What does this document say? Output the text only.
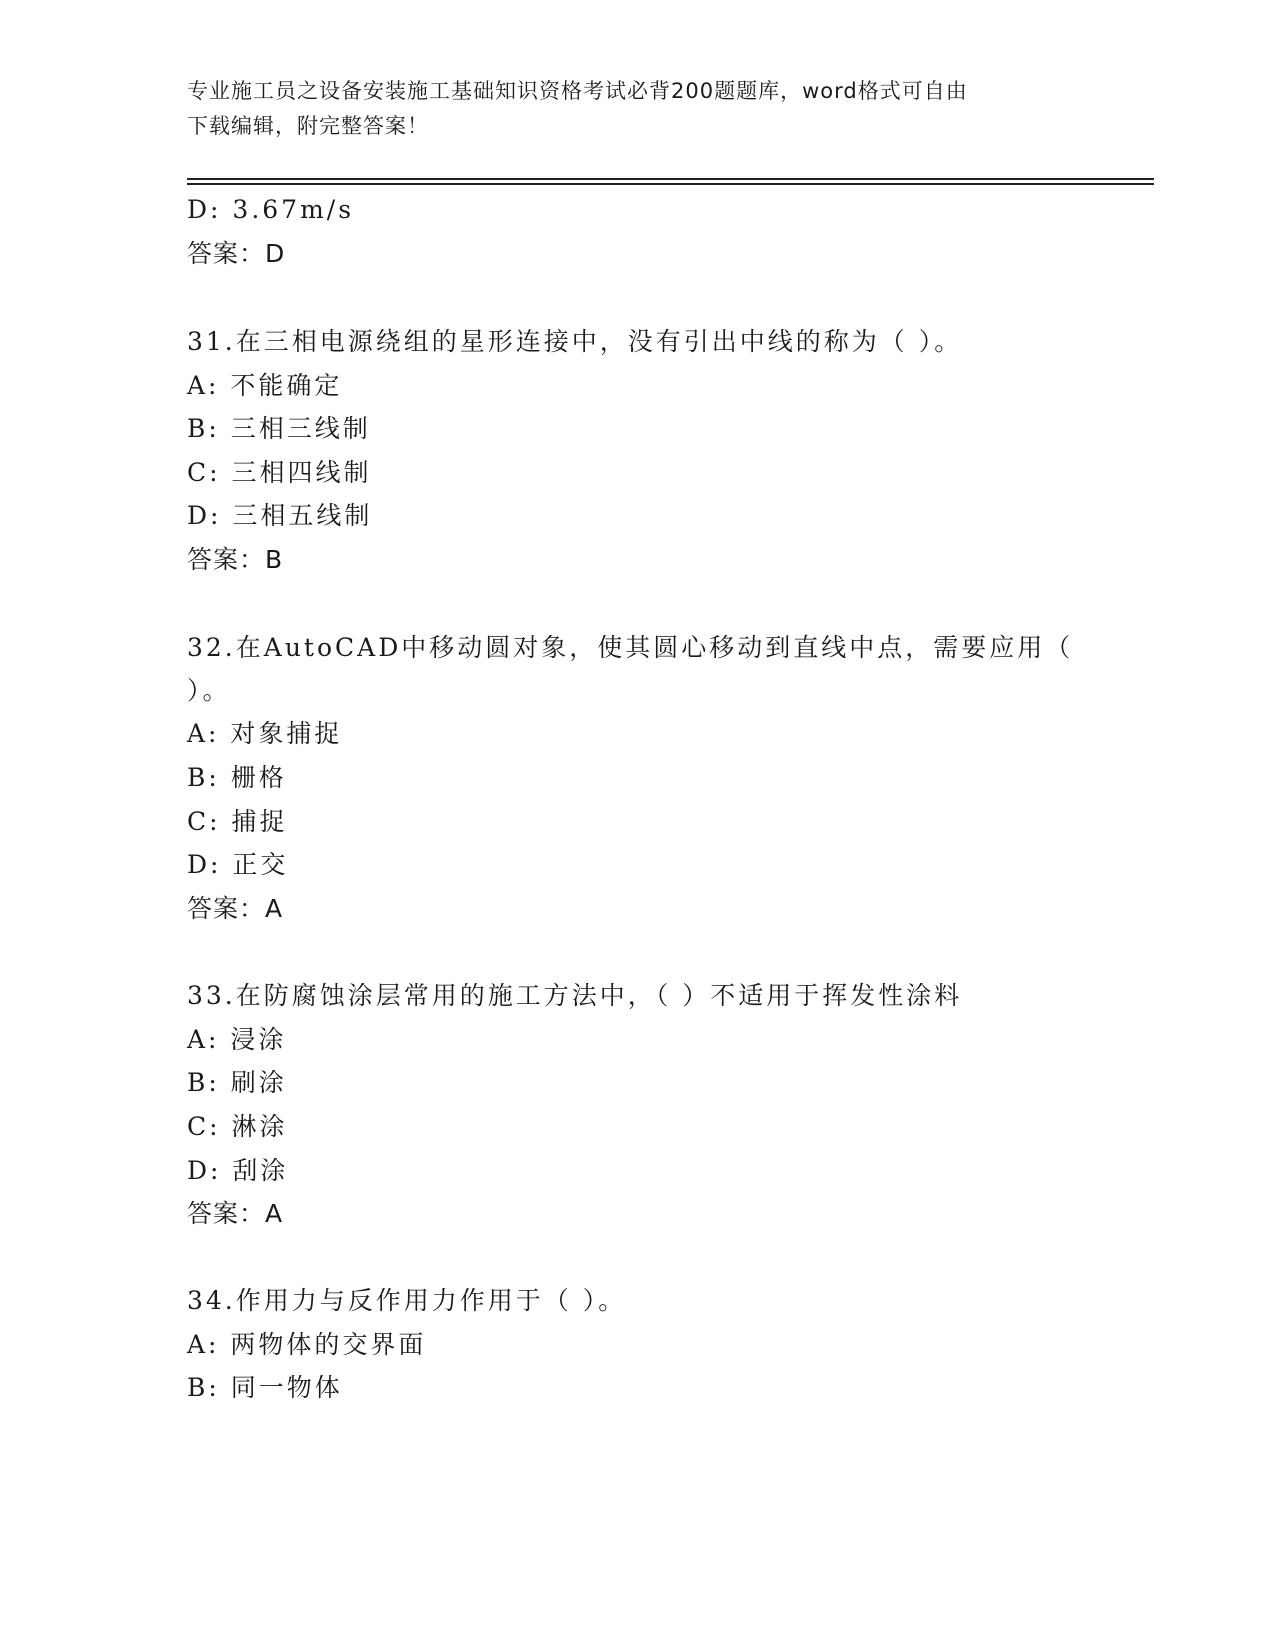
专业施工员之设备安装施工基础知识资格考试必背200题题库，word格式可自由
下载编辑，附完整答案！
D: 3.67m/s
答案：D
31.在三相电源绕组的星形连接中，没有引出中线的称为（ ）。
A: 不能确定
B: 三相三线制
C: 三相四线制
D: 三相五线制
答案：B
32.在AutoCAD中移动圆对象，使其圆心移动到直线中点，需要应用（
）。
A: 对象捕捉
B: 栅格
C: 捕捉
D: 正交
答案：A
33.在防腐蚀涂层常用的施工方法中，（ ）不适用于挥发性涂料
A: 浸涂
B: 刷涂
C: 淋涂
D: 刮涂
答案：A
34.作用力与反作用力作用于（ ）。
A: 两物体的交界面
B: 同一物体
